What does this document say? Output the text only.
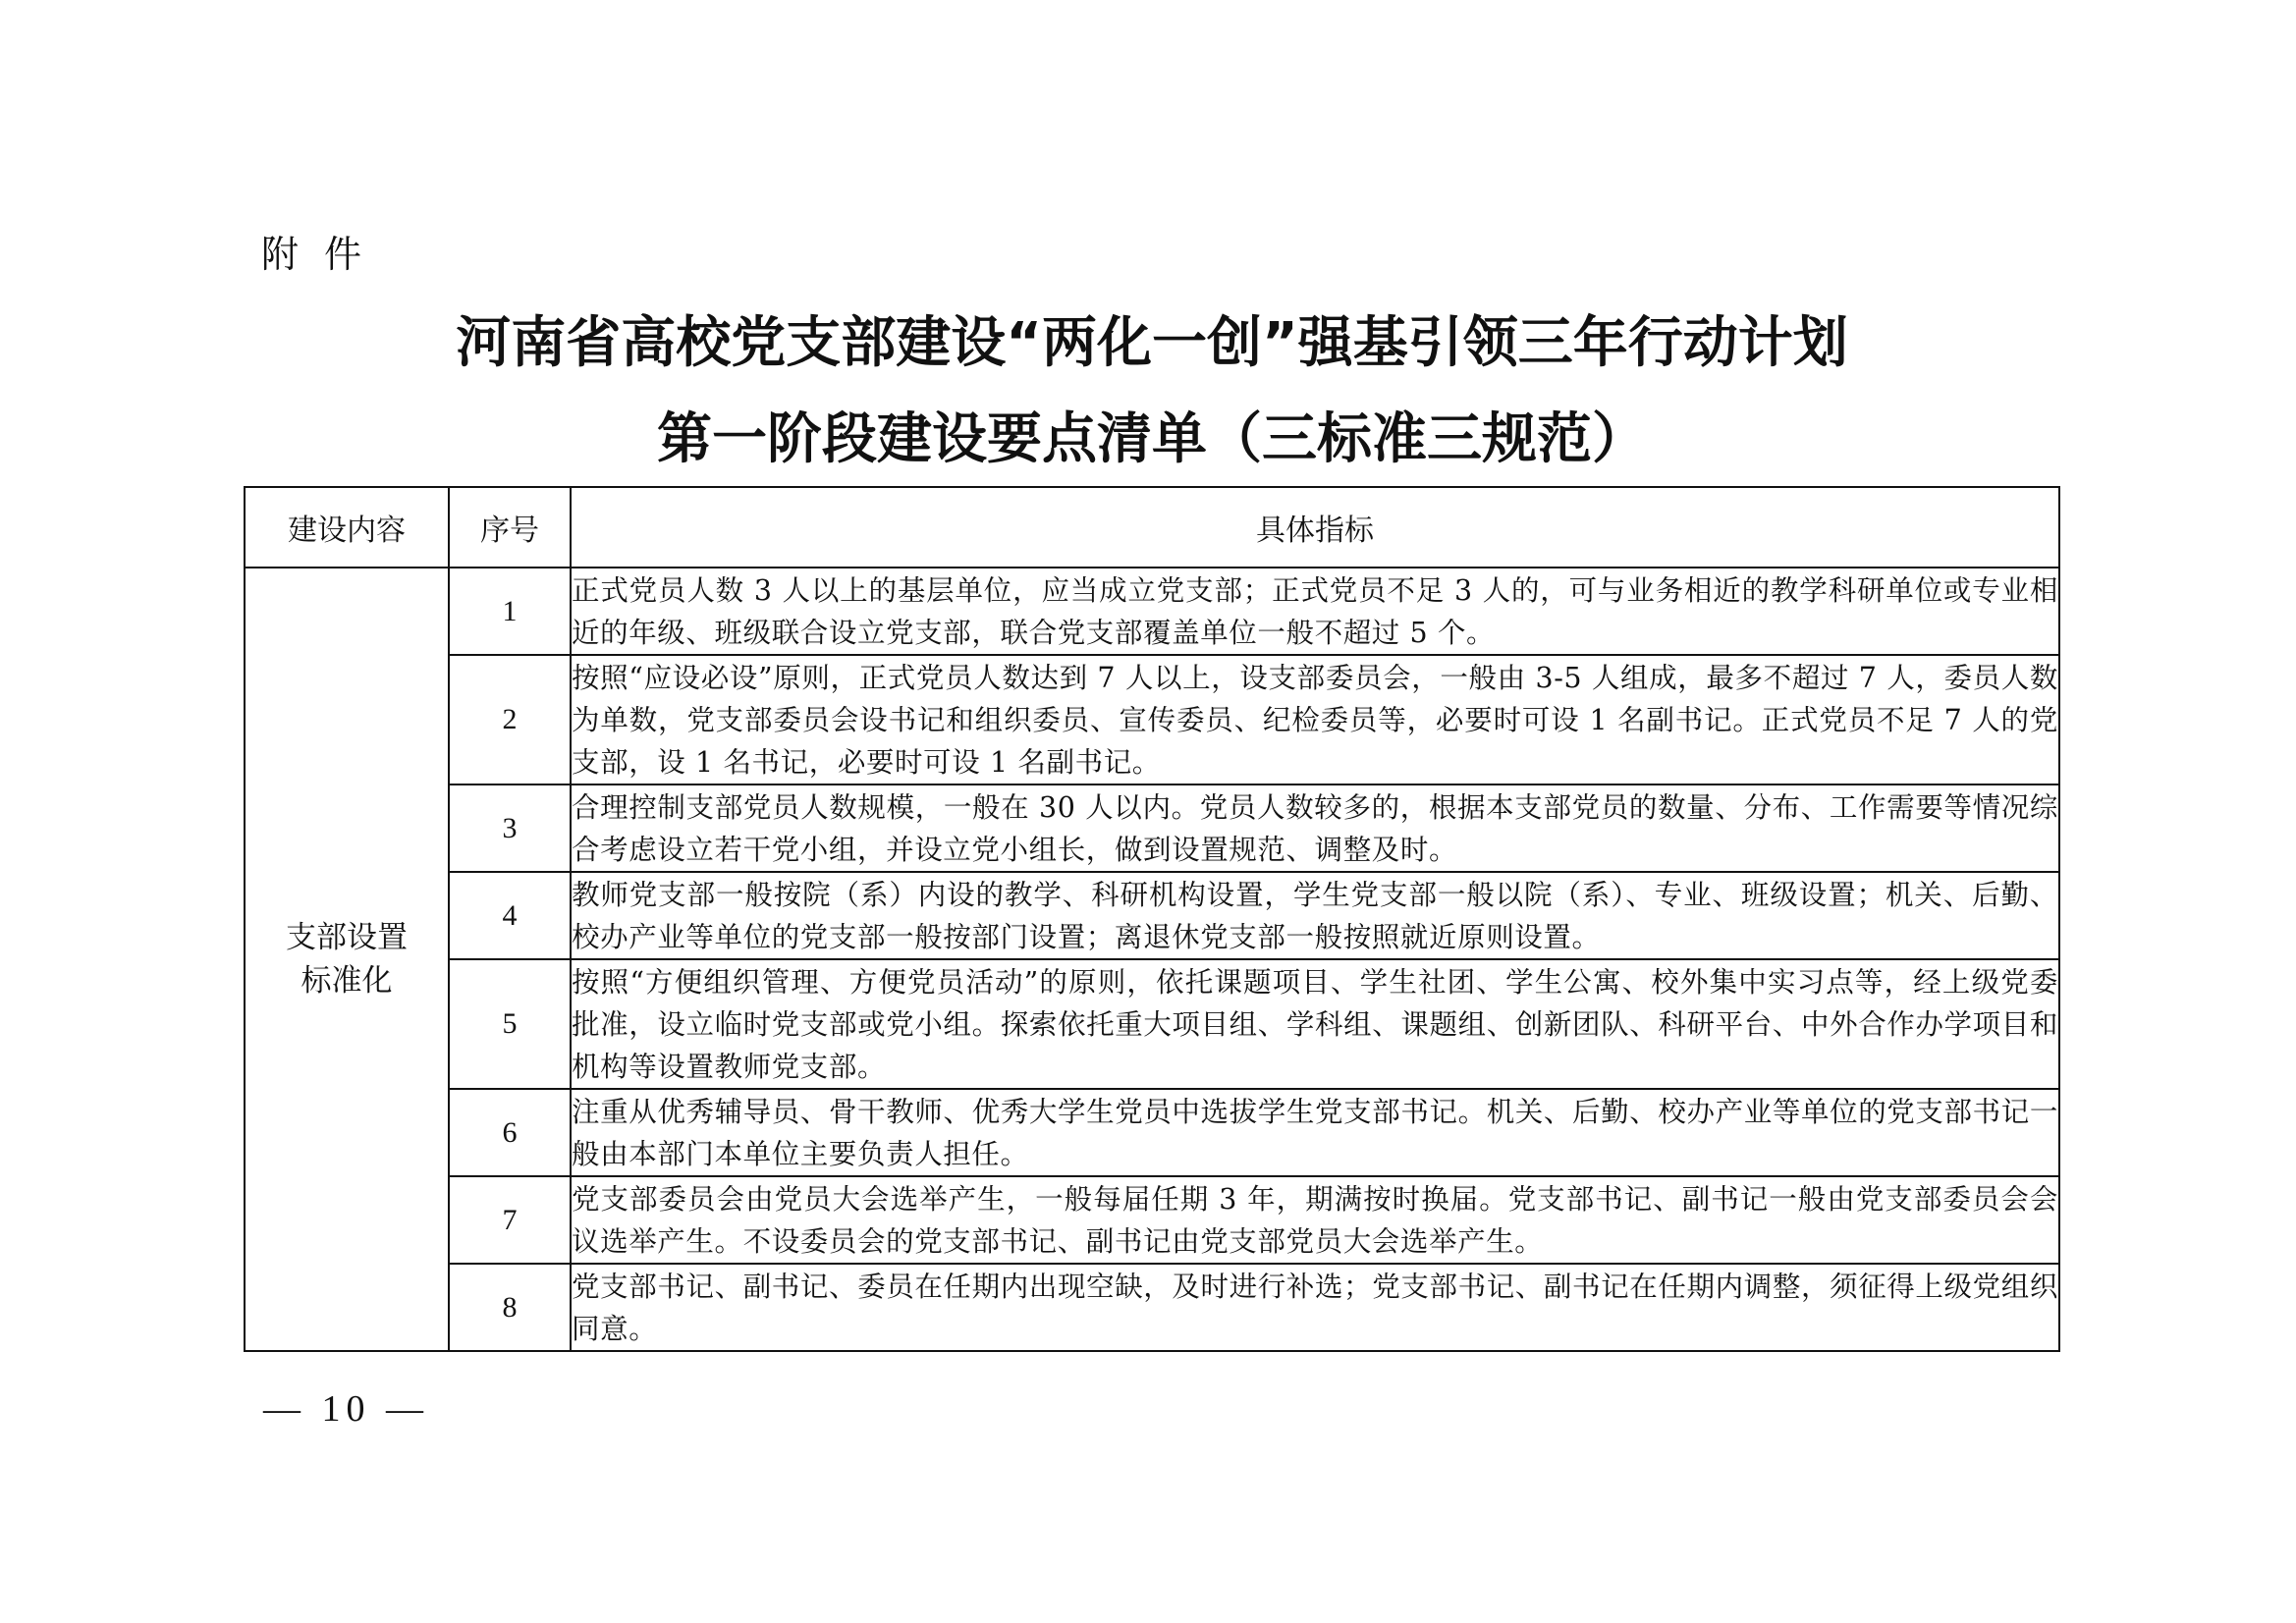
附件
河南省高校党支部建设“两化一创”强基引领三年行动计划
第一阶段建设要点清单（三标准三规范）
建设内容	序号	具体指标

支部设置
标准化	1	正式党员人数 3 人以上的基层单位，应当成立党支部；正式党员不足 3 人的，可与业务相近的教学科研单位或专业相近的年级、班级联合设立党支部，联合党支部覆盖单位一般不超过 5 个。
	2	按照“应设必设”原则，正式党员人数达到 7 人以上，设支部委员会，一般由 3-5 人组成，最多不超过 7 人，委员人数为单数，党支部委员会设书记和组织委员、宣传委员、纪检委员等，必要时可设 1 名副书记。正式党员不足 7 人的党支部，设 1 名书记，必要时可设 1 名副书记。
	3	合理控制支部党员人数规模，一般在 30 人以内。党员人数较多的，根据本支部党员的数量、分布、工作需要等情况综合考虑设立若干党小组，并设立党小组长，做到设置规范、调整及时。
	4	教师党支部一般按院（系）内设的教学、科研机构设置，学生党支部一般以院（系）、专业、班级设置；机关、后勤、校办产业等单位的党支部一般按部门设置；离退休党支部一般按照就近原则设置。
	5	按照“方便组织管理、方便党员活动”的原则，依托课题项目、学生社团、学生公寓、校外集中实习点等，经上级党委批准，设立临时党支部或党小组。探索依托重大项目组、学科组、课题组、创新团队、科研平台、中外合作办学项目和机构等设置教师党支部。
	6	注重从优秀辅导员、骨干教师、优秀大学生党员中选拔学生党支部书记。机关、后勤、校办产业等单位的党支部书记一般由本部门本单位主要负责人担任。
	7	党支部委员会由党员大会选举产生，一般每届任期 3 年，期满按时换届。党支部书记、副书记一般由党支部委员会会议选举产生。不设委员会的党支部书记、副书记由党支部党员大会选举产生。
	8	党支部书记、副书记、委员在任期内出现空缺，及时进行补选；党支部书记、副书记在任期内调整，须征得上级党组织同意。
— 10 —
